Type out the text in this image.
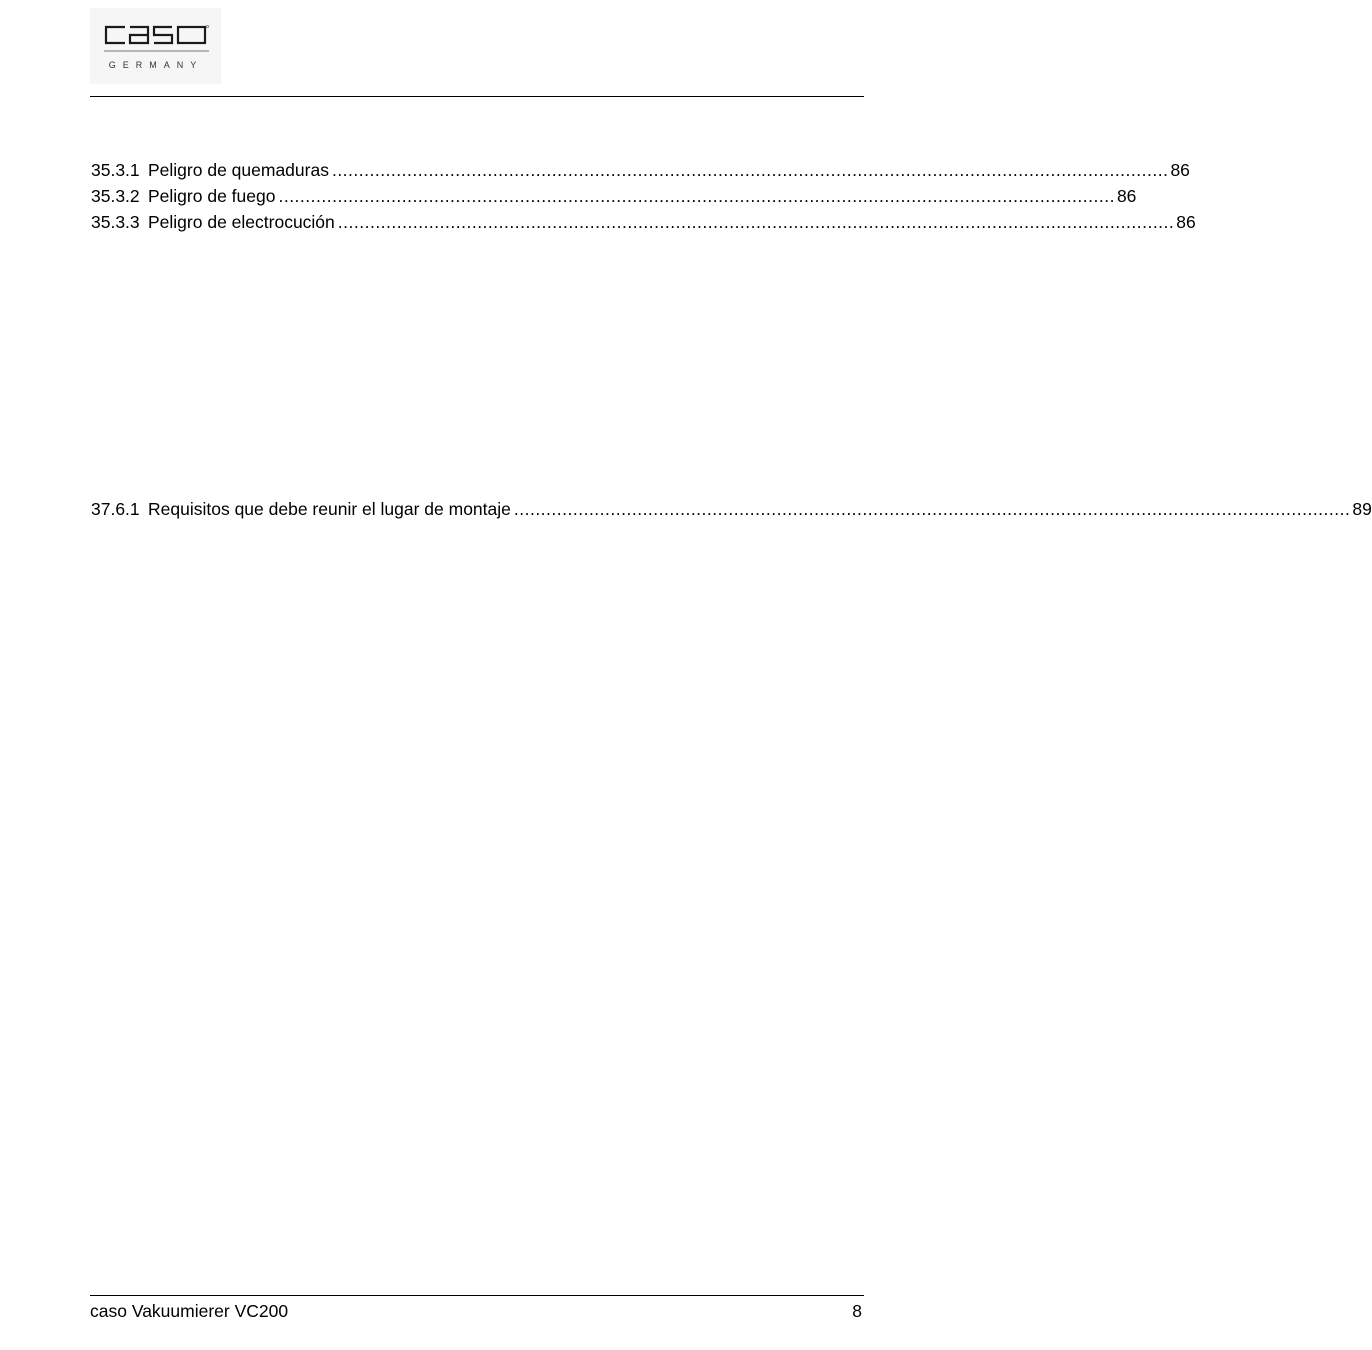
GERMANY
35.3.1 Peligro de quemaduras ............................................................................................................................................................ 86
35.3.2 Peligro de fuego ............................................................................................................................................................ 86
35.3.3 Peligro de electrocución ............................................................................................................................................................ 86
37.6.1 Requisitos que debe reunir el lugar de montaje ............................................................................................................................................................ 89
caso Vakuumierer VC200	8
